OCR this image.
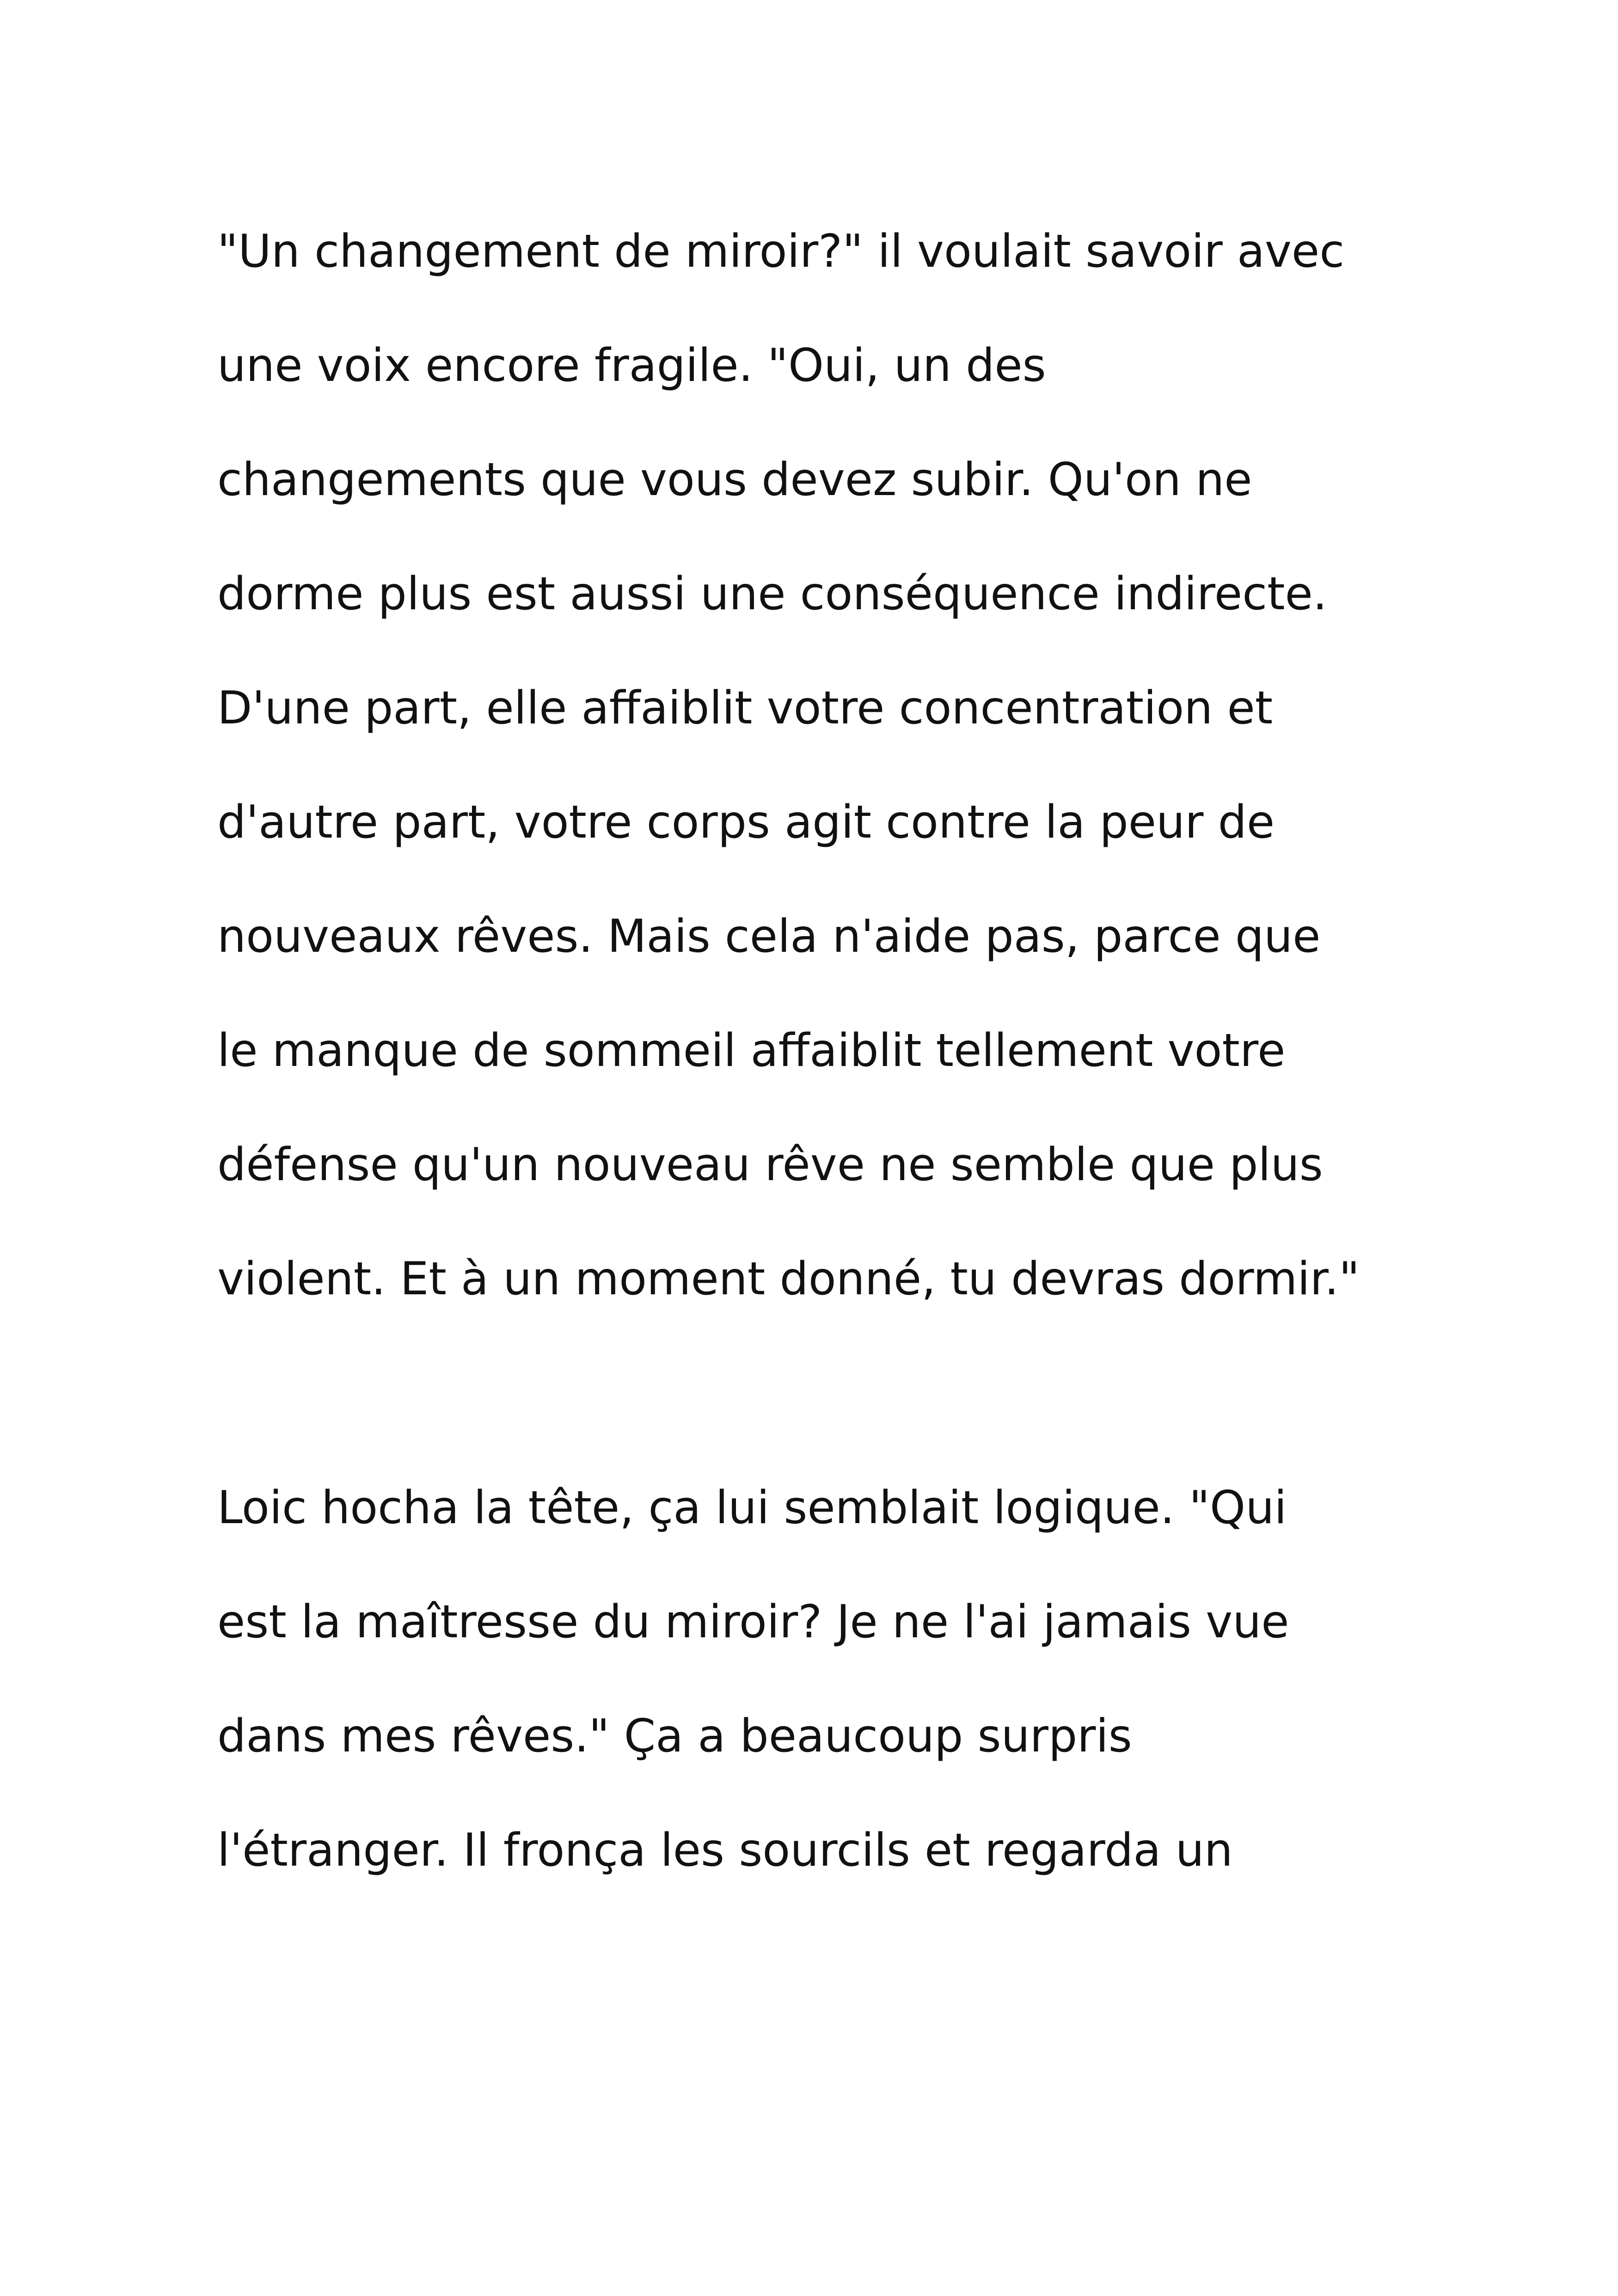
"Un changement de miroir?" il voulait savoir avec
une voix encore fragile. "Oui, un des
changements que vous devez subir. Qu'on ne
dorme plus est aussi une conséquence indirecte.
D'une part, elle affaiblit votre concentration et
d'autre part, votre corps agit contre la peur de
nouveaux rêves. Mais cela n'aide pas, parce que
le manque de sommeil affaiblit tellement votre
défense qu'un nouveau rêve ne semble que plus
violent. Et à un moment donné, tu devras dormir."
Loic hocha la tête, ça lui semblait logique. "Qui
est la maîtresse du miroir? Je ne l'ai jamais vue
dans mes rêves." Ça a beaucoup surpris
l'étranger. Il fronça les sourcils et regarda un
